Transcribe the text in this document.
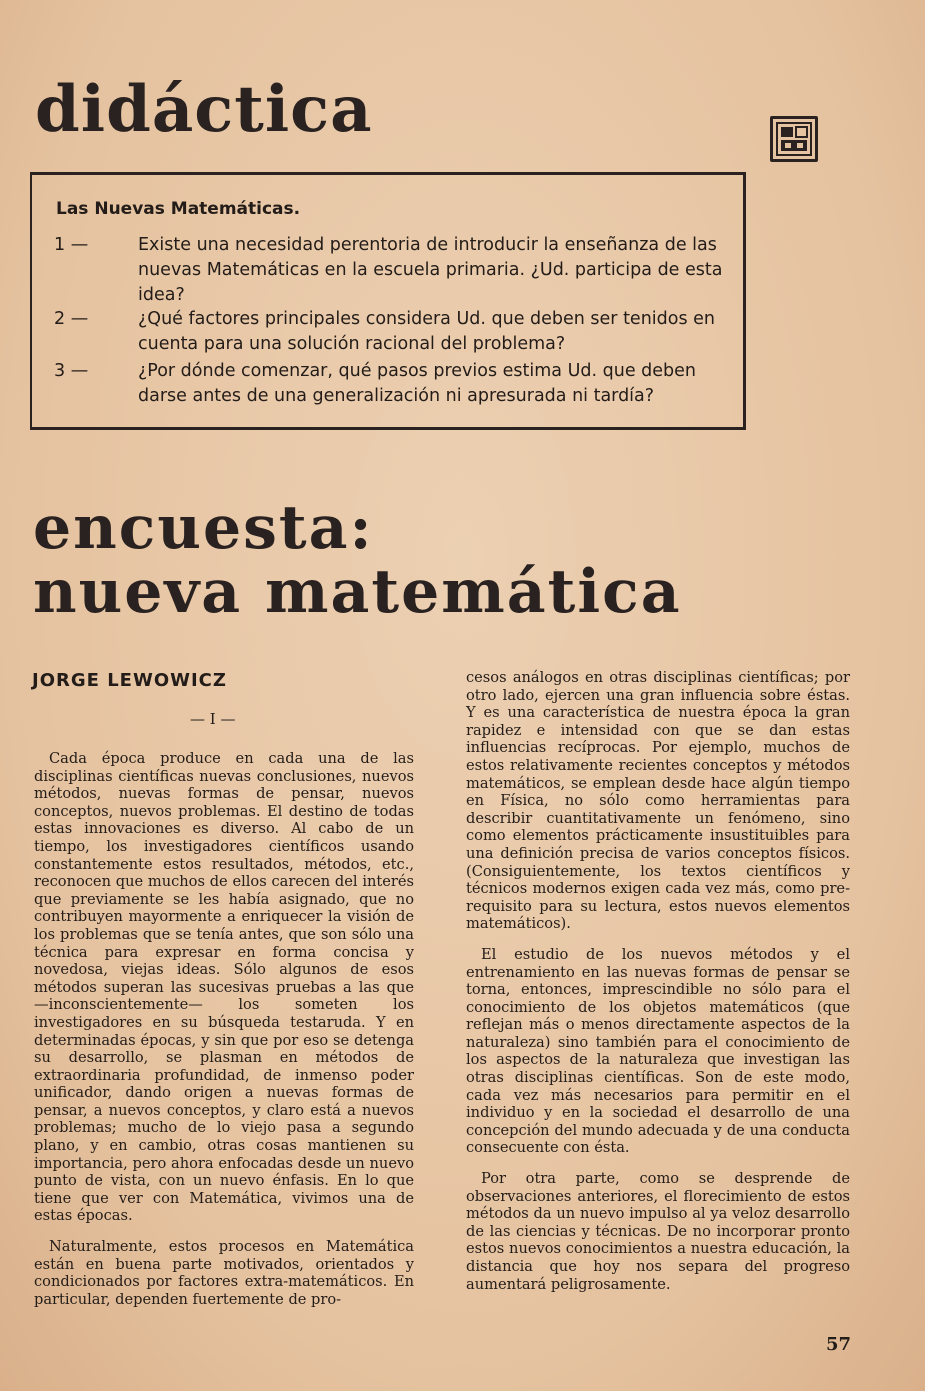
didáctica

Las Nuevas Matemáticas.

1 —	Existe una necesidad perentoria de introducir la enseñanza de las nuevas Matemáticas en la escuela primaria. ¿Ud. participa de esta idea?
2 —	¿Qué factores principales considera Ud. que deben ser tenidos en cuenta para una solución racional del problema?
3 —	¿Por dónde comenzar, qué pasos previos estima Ud. que deben darse antes de una generalización ni apresurada ni tardía?
encuesta:
nueva matemática

JORGE LEWOWICZ

— I —

Cada época produce en cada una de las disciplinas científicas nuevas conclusiones, nuevos métodos, nuevas formas de pensar, nuevos conceptos, nuevos problemas. El destino de todas estas innovaciones es diverso. Al cabo de un tiempo, los investigadores científicos usando constantemente estos resultados, métodos, etc., reconocen que muchos de ellos carecen del interés que previamente se les había asignado, que no contribuyen mayormente a enriquecer la visión de los problemas que se tenía antes, que son sólo una técnica para expresar en forma concisa y novedosa, viejas ideas. Sólo algunos de esos métodos superan las sucesivas pruebas a las que —inconscientemente— los someten los investigadores en su búsqueda testaruda. Y en determinadas épocas, y sin que por eso se detenga su desarrollo, se plasman en métodos de extraordinaria profundidad, de inmenso poder unificador, dando origen a nuevas formas de pensar, a nuevos conceptos, y claro está a nuevos problemas; mucho de lo viejo pasa a segundo plano, y en cambio, otras cosas mantienen su importancia, pero ahora enfocadas desde un nuevo punto de vista, con un nuevo énfasis. En lo que tiene que ver con Matemática, vivimos una de estas épocas.

Naturalmente, estos procesos en Matemática están en buena parte motivados, orientados y condicionados por factores extra-matemáticos. En particular, dependen fuertemente de pro-

cesos análogos en otras disciplinas científicas; por otro lado, ejercen una gran influencia sobre éstas. Y es una característica de nuestra época la gran rapidez e intensidad con que se dan estas influencias recíprocas. Por ejemplo, muchos de estos relativamente recientes conceptos y métodos matemáticos, se emplean desde hace algún tiempo en Física, no sólo como herramientas para describir cuantitativamente un fenómeno, sino como elementos prácticamente insustituibles para una definición precisa de varios conceptos físicos. (Consiguientemente, los textos científicos y técnicos modernos exigen cada vez más, como pre-requisito para su lectura, estos nuevos elementos matemáticos).

El estudio de los nuevos métodos y el entrenamiento en las nuevas formas de pensar se torna, entonces, imprescindible no sólo para el conocimiento de los objetos matemáticos (que reflejan más o menos directamente aspectos de la naturaleza) sino también para el conocimiento de los aspectos de la naturaleza que investigan las otras disciplinas científicas. Son de este modo, cada vez más necesarios para permitir en el individuo y en la sociedad el desarrollo de una concepción del mundo adecuada y de una conducta consecuente con ésta.

Por otra parte, como se desprende de observaciones anteriores, el florecimiento de estos métodos da un nuevo impulso al ya veloz desarrollo de las ciencias y técnicas. De no incorporar pronto estos nuevos conocimientos a nuestra educación, la distancia que hoy nos separa del progreso aumentará peligrosamente.

57
